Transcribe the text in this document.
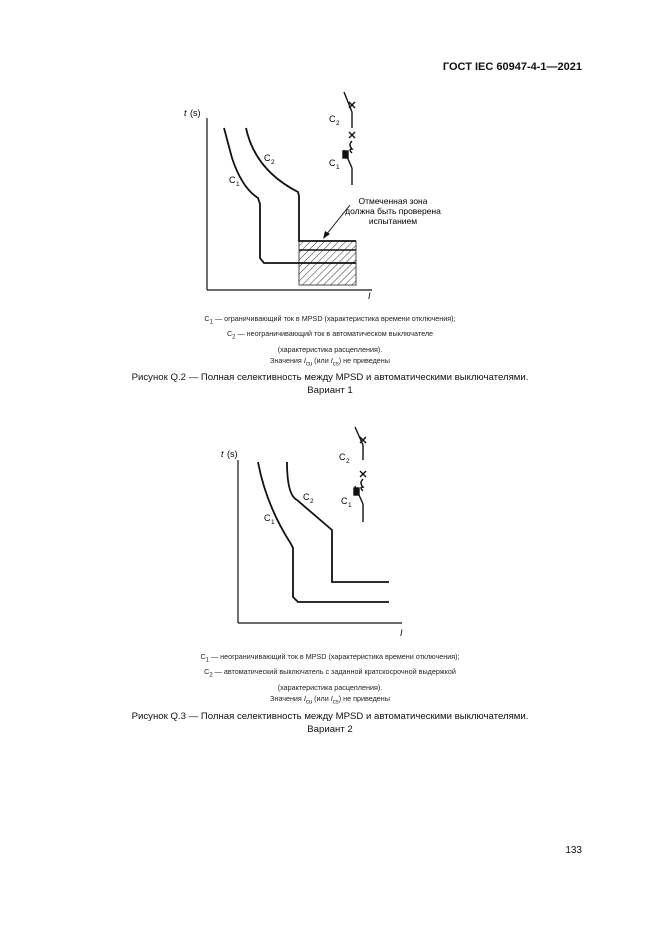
ГОСТ IEC 60947-4-1—2021
t (s)
I
C 1
C 2
C 2
C 1
Отмеченная зона
должна быть проверена
испытанием
t (s)
I
C 1
C 2
C 2
C 1
$C_1$ — ограничивающий ток в MPSD (характеристика времени отключения);
$C_2$ — неограничивающий ток в автоматическом выключателе
(характеристика расцепления).
Значения $I_{cu}$ (или $I_{cs}$) не приведены
Рисунок Q.2 — Полная селективность между MPSD и автоматическими выключателями.
Вариант 1
$C_1$ — неограничивающий ток в MPSD (характеристика времени отключения);
$C_2$ — автоматический выключатель с заданной кратскосрочной выдержкой
(характеристика расцепления).
Значения $I_{cu}$ (или $I_{cs}$) не приведены
Рисунок Q.3 — Полная селективность между MPSD и автоматическими выключателями.
Вариант 2
133
